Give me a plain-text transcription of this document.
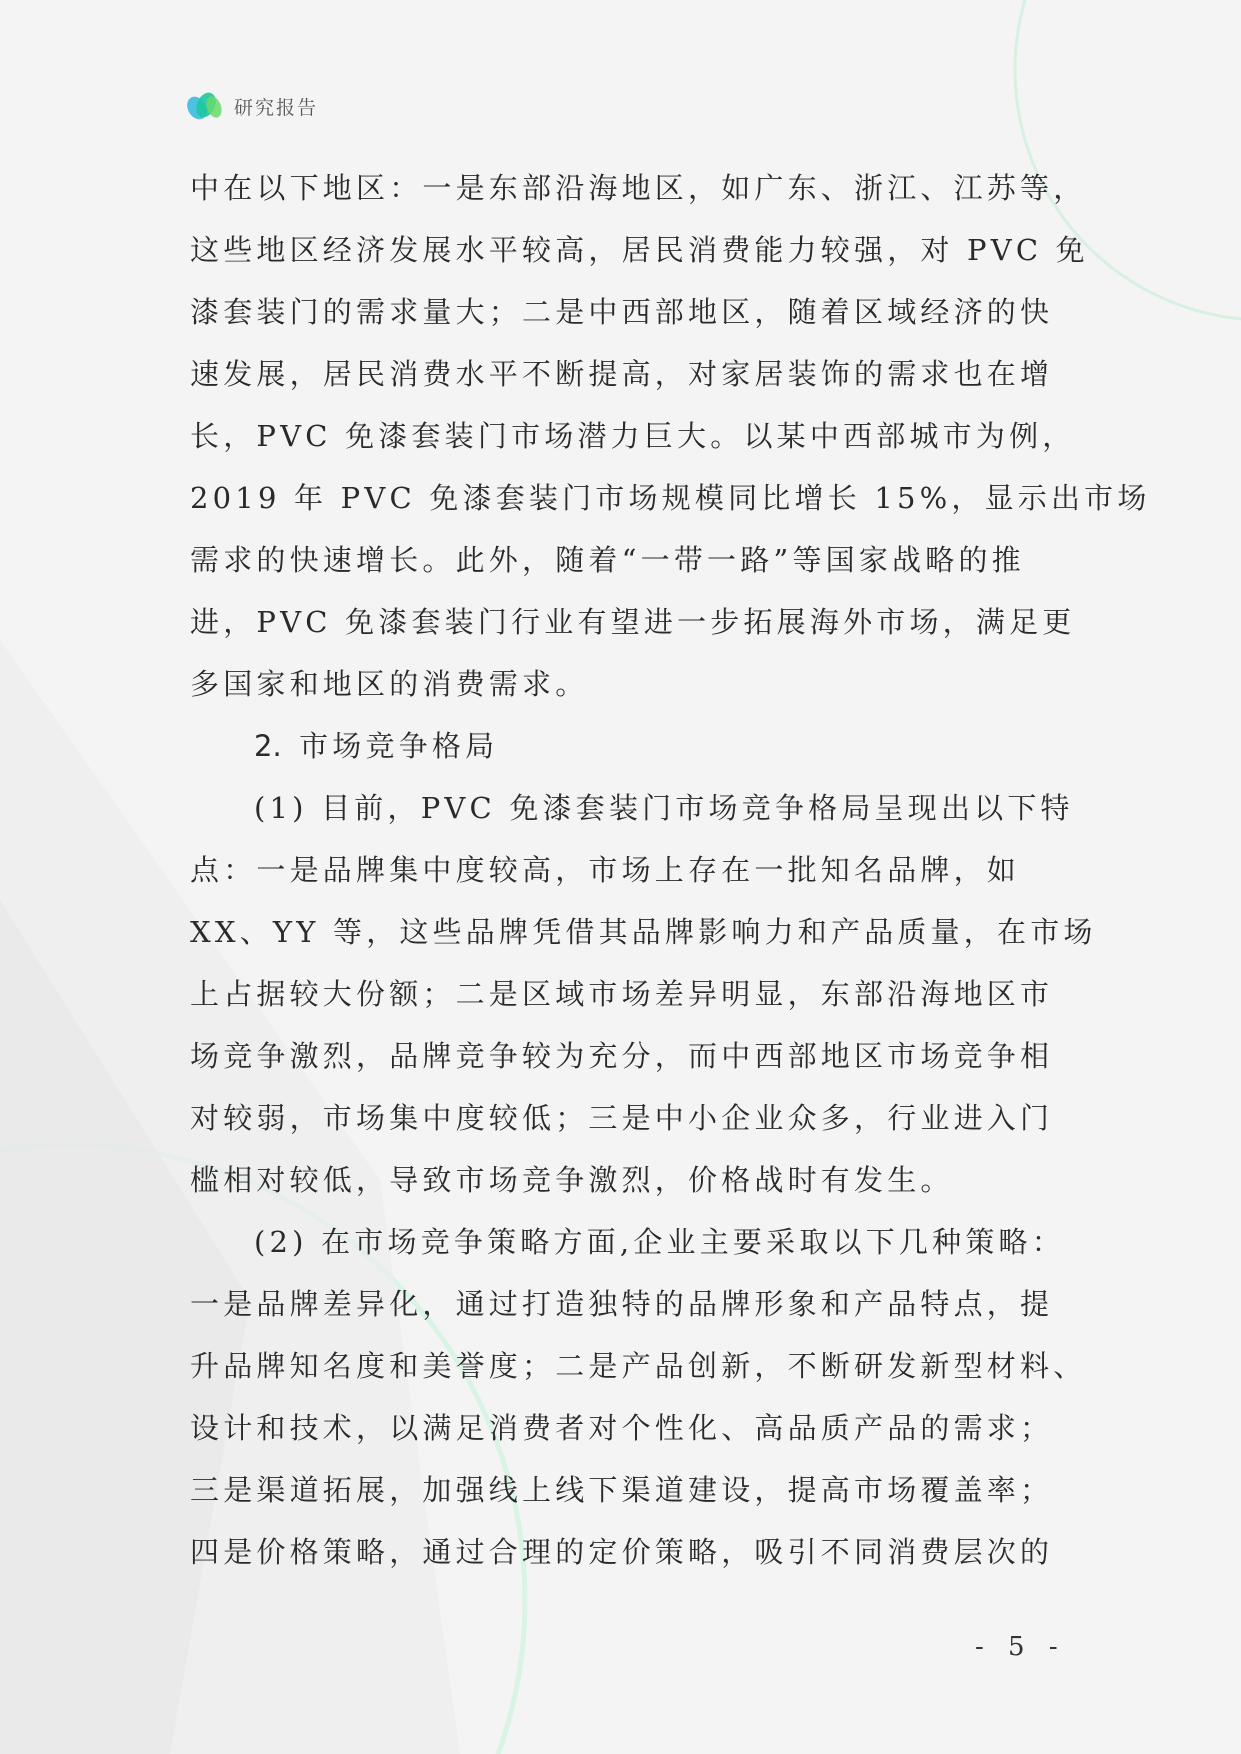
研究报告
中在以下地区：一是东部沿海地区，如广东、浙江、江苏等，
这些地区经济发展水平较高，居民消费能力较强，对 PVC 免
漆套装门的需求量大；二是中西部地区，随着区域经济的快
速发展，居民消费水平不断提高，对家居装饰的需求也在增
长，PVC 免漆套装门市场潜力巨大。以某中西部城市为例，
2019 年 PVC 免漆套装门市场规模同比增长 15%，显示出市场
需求的快速增长。此外，随着“一带一路”等国家战略的推
进，PVC 免漆套装门行业有望进一步拓展海外市场，满足更
多国家和地区的消费需求。
2. 市场竞争格局
(1) 目前，PVC 免漆套装门市场竞争格局呈现出以下特
点：一是品牌集中度较高，市场上存在一批知名品牌，如
XX、YY 等，这些品牌凭借其品牌影响力和产品质量，在市场
上占据较大份额；二是区域市场差异明显，东部沿海地区市
场竞争激烈，品牌竞争较为充分，而中西部地区市场竞争相
对较弱，市场集中度较低；三是中小企业众多，行业进入门
槛相对较低，导致市场竞争激烈，价格战时有发生。
(2) 在市场竞争策略方面,企业主要采取以下几种策略：
一是品牌差异化，通过打造独特的品牌形象和产品特点，提
升品牌知名度和美誉度；二是产品创新，不断研发新型材料、
设计和技术，以满足消费者对个性化、高品质产品的需求；
三是渠道拓展，加强线上线下渠道建设，提高市场覆盖率；
四是价格策略，通过合理的定价策略，吸引不同消费层次的
- 5 -
